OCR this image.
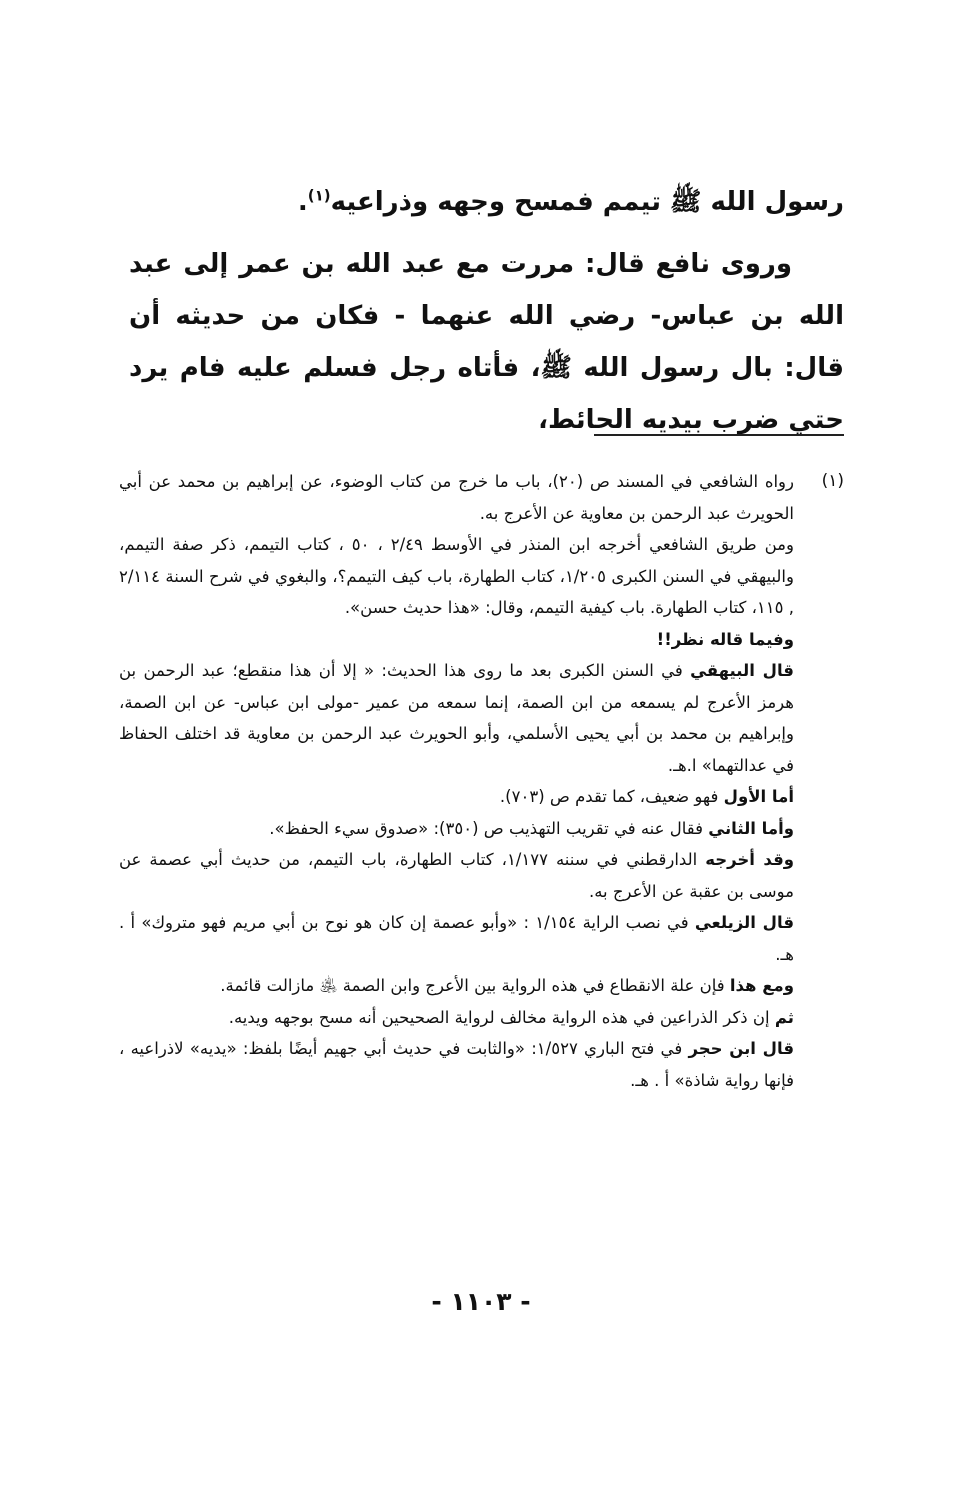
رسول الله ﷺ تيمم فمسح وجهه وذراعيه$^{(١)}$.

وروى نافع قال: مررت مع عبد الله بن عمر إلى عبد الله بن عباس- رضي الله عنهما - فكان من حديثه أن قال: بال رسول الله ﷺ، فأتاه رجل فسلم عليه فام يرد حتي ضرب بيديه الحائط،

(١)

رواه الشافعي في المسند ص (٢٠)، باب ما خرج من كتاب الوضوء، عن إبراهيم بن محمد عن أبي الحويرث عبد الرحمن بن معاوية عن الأعرج به.

ومن طريق الشافعي أخرجه ابن المنذر في الأوسط ٢/٤٩ ، ٥٠ ، كتاب التيمم، ذكر صفة التيمم، والبيهقي في السنن الكبرى ١/٢٠٥، كتاب الطهارة، باب كيف التيمم؟، والبغوي في شرح السنة ٢/١١٤ , ١١٥، كتاب الطهارة. باب كيفية التيمم، وقال: «هذا حديث حسن».

وفيما قاله نظر!!

قال البيهقي في السنن الكبرى بعد ما روى هذا الحديث: « إلا أن هذا منقطع؛ عبد الرحمن بن هرمز الأعرج لم يسمعه من ابن الصمة، إنما سمعه من عمير -مولى ابن عباس- عن ابن الصمة، وإبراهيم بن محمد بن أبي يحيى الأسلمي، وأبو الحويرث عبد الرحمن بن معاوية قد اختلف الحفاظ في عدالتهما» ا.هـ.

أما الأول فهو ضعيف، كما تقدم ص (٧٠٣).

وأما الثاني فقال عنه في تقريب التهذيب ص (٣٥٠): «صدوق سيء الحفظ».

وقد أخرجه الدارقطني في سننه ١/١٧٧، كتاب الطهارة، باب التيمم، من حديث أبي عصمة عن موسى بن عقبة عن الأعرج به.

قال الزيلعي في نصب الراية ١/١٥٤ : «وأبو عصمة إن كان هو نوح بن أبي مريم فهو متروك» أ . هـ.

ومع هذا فإن علة الانقطاع في هذه الرواية بين الأعرج وابن الصمة ﵁ مازالت قائمة.

ثم إن ذكر الذراعين في هذه الرواية مخالف لرواية الصحيحين أنه مسح بوجهه ويديه.

قال ابن حجر في فتح الباري ١/٥٢٧: «والثابت في حديث أبي جهيم أيضًا بلفظ: «يديه» لاذراعيه ، فإنها رواية شاذة» أ . هـ.

- ١١٠٣ -
